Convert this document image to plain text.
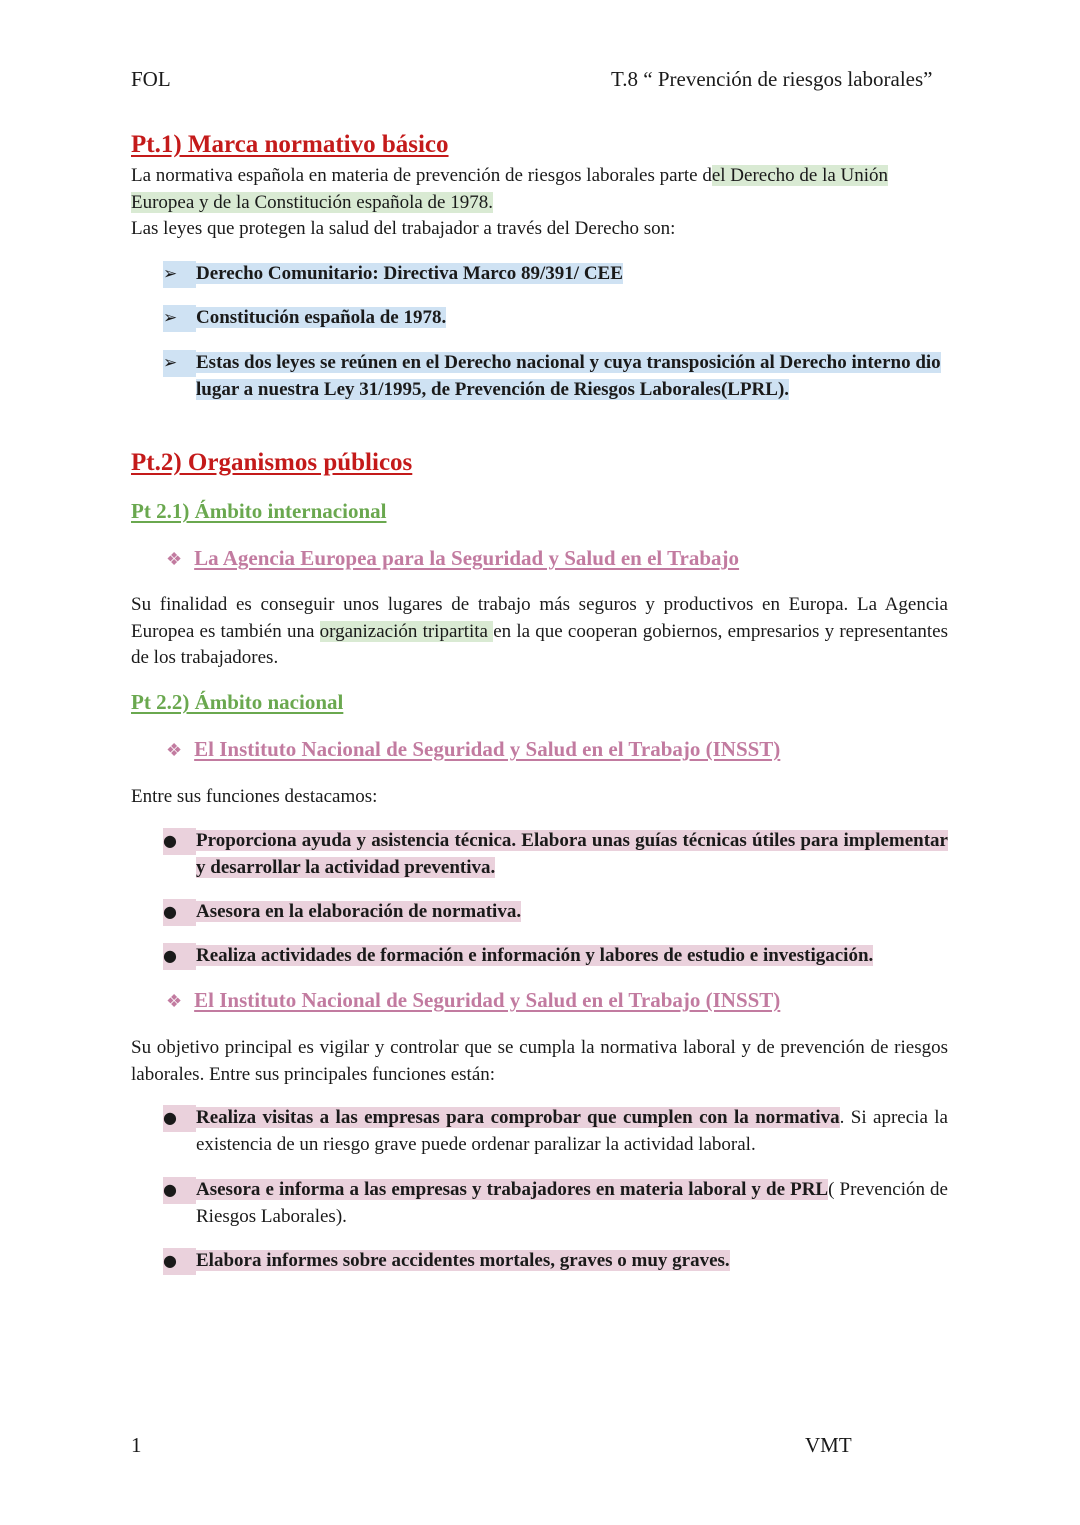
FOL	T.8 “ Prevención de riesgos laborales”
Pt.1) Marca normativo básico
La normativa española en materia de prevención de riesgos laborales parte del Derecho de la Unión
Europea y de la Constitución española de 1978.
Las leyes que protegen la salud del trabajador a través del Derecho son:
➢ Derecho Comunitario: Directiva Marco 89/391/ CEE
➢ Constitución española de 1978.
➢ Estas dos leyes se reúnen en el Derecho nacional y cuya transposición al Derecho interno dio lugar a nuestra Ley 31/1995, de Prevención de Riesgos Laborales(LPRL).
Pt.2) Organismos públicos
Pt 2.1) Ámbito internacional
❖ La Agencia Europea para la Seguridad y Salud en el Trabajo
Su finalidad es conseguir unos lugares de trabajo más seguros y productivos en Europa. La Agencia Europea es también una organización tripartita en la que cooperan gobiernos, empresarios y representantes de los trabajadores.
Pt 2.2) Ámbito nacional
❖ El Instituto Nacional de Seguridad y Salud en el Trabajo (INSST)
Entre sus funciones destacamos:
●	Proporciona ayuda y asistencia técnica. Elabora unas guías técnicas útiles para implementar y desarrollar la actividad preventiva.
●	Asesora en la elaboración de normativa.
●	Realiza actividades de formación e información y labores de estudio e investigación.
❖ El Instituto Nacional de Seguridad y Salud en el Trabajo (INSST)
Su objetivo principal es vigilar y controlar que se cumpla la normativa laboral y de prevención de riesgos laborales. Entre sus principales funciones están:
●	Realiza visitas a las empresas para comprobar que cumplen con la normativa. Si aprecia la existencia de un riesgo grave puede ordenar paralizar la actividad laboral.
●	Asesora e informa a las empresas y trabajadores en materia laboral y de PRL( Prevención de Riesgos Laborales).
●	Elabora informes sobre accidentes mortales, graves o muy graves.
1	VMT
